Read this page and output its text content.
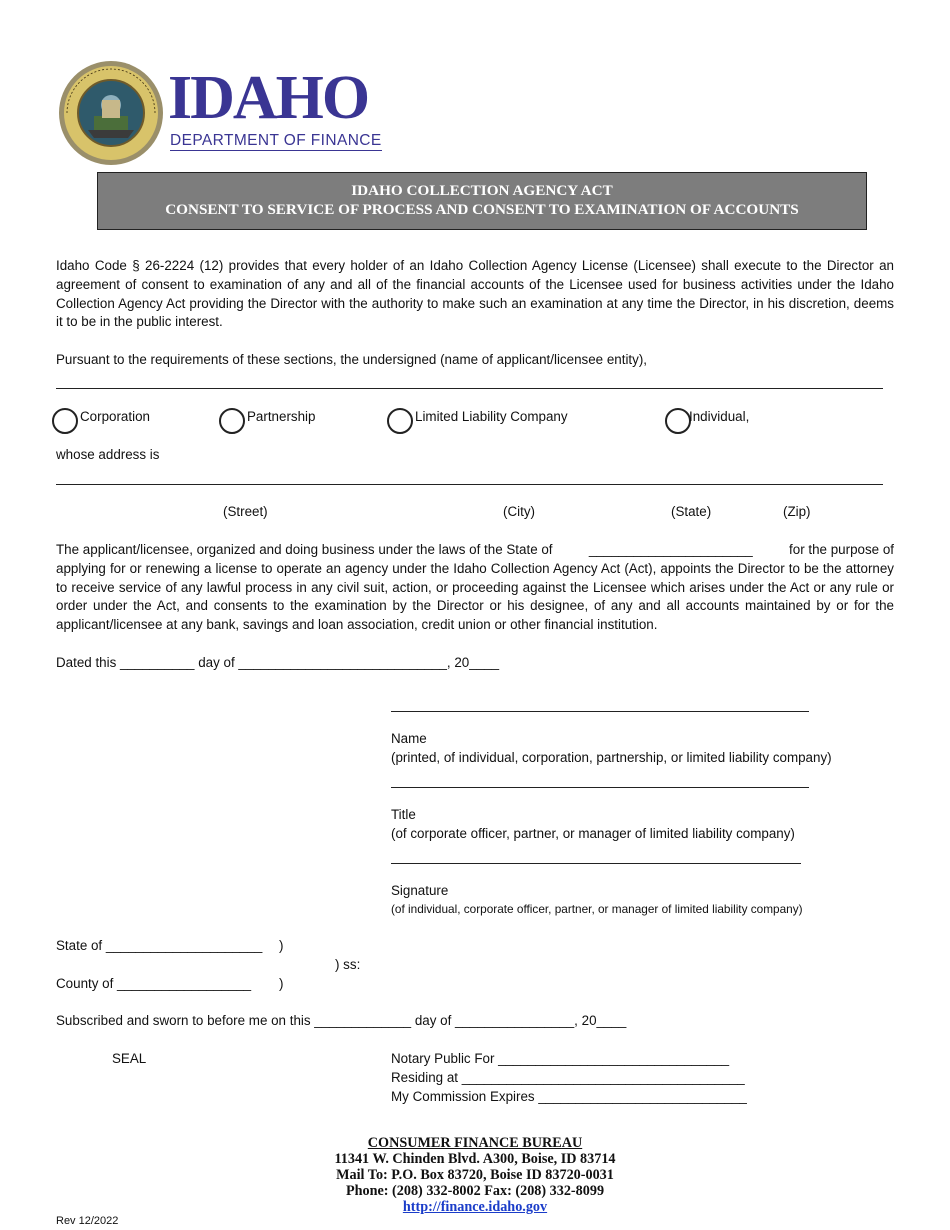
IDAHO
DEPARTMENT OF FINANCE
IDAHO COLLECTION AGENCY ACT
CONSENT TO SERVICE OF PROCESS AND CONSENT TO EXAMINATION OF ACCOUNTS
Idaho Code § 26-2224 (12) provides that every holder of an Idaho Collection Agency License (Licensee) shall execute to the Director an agreement of consent to examination of any and all of the financial accounts of the Licensee used for business activities under the Idaho Collection Agency Act providing the Director with the authority to make such an examination at any time the Director, in his discretion, deems it to be in the public interest.
Pursuant to the requirements of these sections, the undersigned (name of applicant/licensee entity),
Corporation	Partnership	Limited Liability Company	Individual,
whose address is
(Street)	(City)	(State)	(Zip)
The applicant/licensee, organized and doing business under the laws of the State of	______________________	for the purpose of
applying for or renewing a license to operate an agency under the Idaho Collection Agency Act (Act), appoints the Director to be the attorney to receive service of any lawful process in any civil suit, action, or proceeding against the Licensee which arises under the Act or any rule or order under the Act, and consents to the examination by the Director or his designee, of any and all accounts maintained by or for the applicant/licensee at any bank, savings and loan association, credit union or other financial institution.
Dated this __________ day of ____________________________, 20____
Name
(printed, of individual, corporation, partnership, or limited liability company)
Title
(of corporate officer, partner, or manager of limited liability company)
Signature
(of individual, corporate officer, partner, or manager of limited liability company)
State of _____________________ )
) ss:
County of __________________ )
Subscribed and sworn to before me on this _____________ day of ________________, 20____
SEAL	Notary Public For _______________________________
Residing at ______________________________________
My Commission Expires ____________________________
CONSUMER FINANCE BUREAU
11341 W. Chinden Blvd. A300, Boise, ID 83714
Mail To: P.O. Box 83720, Boise ID 83720-0031
Phone: (208) 332-8002 Fax: (208) 332-8099
http://finance.idaho.gov
Rev 12/2022
